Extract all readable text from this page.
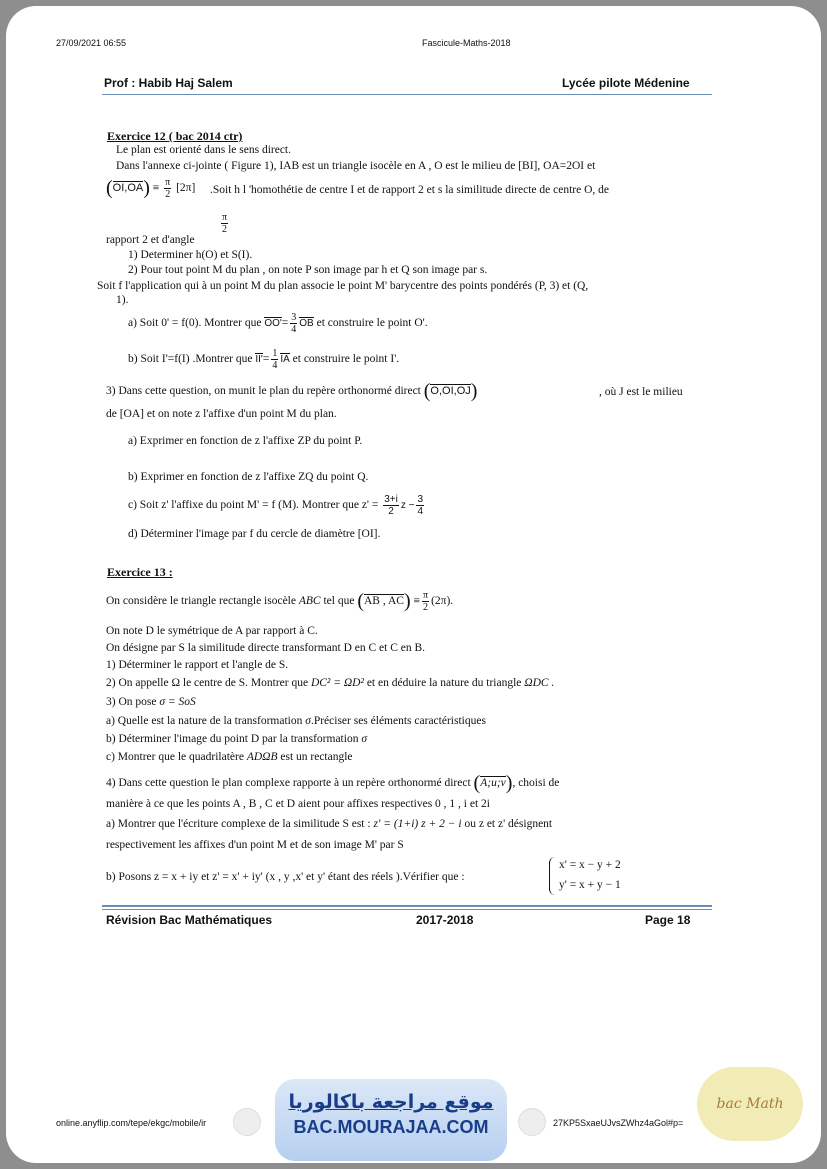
27/09/2021 06:55	Fascicule-Maths-2018
Prof : Habib Haj Salem	Lycée pilote Médenine
Exercice 12 ( bac 2014 ctr)
Le plan est orienté dans le sens direct.
Dans l'annexe ci-jointe ( Figure 1), IAB est un triangle isocèle en A , O est le milieu de [BI], OA=2OI et
$(OI,OA) \equiv \frac{\pi}{2} [2\pi]$ .Soit h l 'homothétie de centre I et de rapport 2 et s la similitude directe de centre O, de
$\frac{\pi}{2}$
rapport 2 et d'angle
1) Determiner h(O) et S(I).
2) Pour tout point M du plan , on note P son image par h et Q son image par s.
Soit f l'application qui à un point M du plan associe le point M' barycentre des points pondérés (P, 3) et (Q,
1).
a) Soit 0' = f(0). Montrer que $OO'= \frac{3}{4}$ OB et construire le point O'.
b) Soit I'=f(I) .Montrer que $II'= \frac{1}{4}$ IA et construire le point I'.
3) Dans cette question, on munit le plan du repère orthonormé direct (O,OI,OJ)	, où J est le milieu
de [OA] et on note z l'affixe d'un point M du plan.
a) Exprimer en fonction de z l'affixe ZP du point P.
b) Exprimer en fonction de z l'affixe ZQ du point Q.
c) Soit z' l'affixe du point M' = f (M). Montrer que $z' = \frac{3+i}{2}$ $z - \frac{3}{4}$
d) Déterminer l'image par f du cercle de diamètre [OI].
Exercice 13 :
On considère le triangle rectangle isocèle ABC tel que (AB , $AC) \equiv \frac{\pi}{2} (2\pi)$.
On note D le symétrique de A par rapport à C.
On désigne par S la similitude directe transformant D en C et C en B.
1) Déterminer le rapport et l'angle de S.
2) On appelle Ω le centre de S. Montrer que DC² = ΩD² et en déduire la nature du triangle ΩDC .
3) On pose σ = SoS
a) Quelle est la nature de la transformation σ.Préciser ses éléments caractéristiques
b) Déterminer l'image du point D par la transformation σ
c) Montrer que le quadrilatère ADΩB est un rectangle
4) Dans cette question le plan complexe rapporte à un repère orthonormé direct (A;u;v), choisi de
manière à ce que les points A , B , C et D aient pour affixes respectives 0 , 1 , i et 2i
a) Montrer que l'écriture complexe de la similitude S est : z' = (1+i) z + 2 − i ou z et z' désignent
respectivement les affixes d'un point M et de son image M' par S
b) Posons z = x + iy et z' = x' + iy' (x , y ,x' et y' étant des réels ).Vérifier que :
x' = x − y + 2
y' = x + y − 1
Révision Bac Mathématiques	2017-2018	Page 18
online.anyflip.com/tepe/ekgc/mobile/ir
موقع مراجعة باكالوريا
BAC.MOURAJAA.COM	27KP5SxaeUJvsZWhz4aGol#p=
bac Math
